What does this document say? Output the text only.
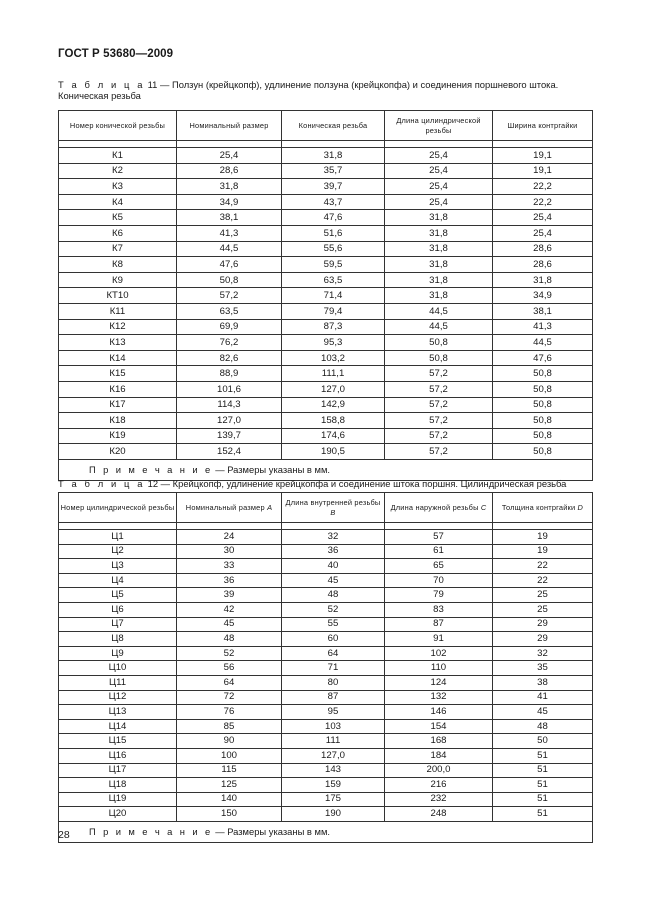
ГОСТ Р 53680—2009
Т а б л и ц а 11 — Ползун (крейцкопф), удлинение ползуна (крейцкопфа) и соединения поршневого штока. Коническая резьба
Номер конической резьбы	Номинальный размер	Коническая резьба	Длина цилиндрической резьбы	Ширина контргайки

К1	25,4	31,8	25,4	19,1
К2	28,6	35,7	25,4	19,1
К3	31,8	39,7	25,4	22,2
К4	34,9	43,7	25,4	22,2
К5	38,1	47,6	31,8	25,4
К6	41,3	51,6	31,8	25,4
К7	44,5	55,6	31,8	28,6
К8	47,6	59,5	31,8	28,6
К9	50,8	63,5	31,8	31,8
КТ10	57,2	71,4	31,8	34,9
К11	63,5	79,4	44,5	38,1
К12	69,9	87,3	44,5	41,3
К13	76,2	95,3	50,8	44,5
К14	82,6	103,2	50,8	47,6
К15	88,9	111,1	57,2	50,8
К16	101,6	127,0	57,2	50,8
К17	114,3	142,9	57,2	50,8
К18	127,0	158,8	57,2	50,8
К19	139,7	174,6	57,2	50,8
К20	152,4	190,5	57,2	50,8
П р и м е ч а н и е — Размеры указаны в мм.				
Т а б л и ц а 12 — Крейцкопф, удлинение крейцкопфа и соединение штока поршня. Цилиндрическая резьба
Номер цилиндрической резьбы	Номинальный размер A	Длина внутренней резьбы B	Длина наружной резьбы C	Толщина контргайки D

Ц1	24	32	57	19
Ц2	30	36	61	19
Ц3	33	40	65	22
Ц4	36	45	70	22
Ц5	39	48	79	25
Ц6	42	52	83	25
Ц7	45	55	87	29
Ц8	48	60	91	29
Ц9	52	64	102	32
Ц10	56	71	110	35
Ц11	64	80	124	38
Ц12	72	87	132	41
Ц13	76	95	146	45
Ц14	85	103	154	48
Ц15	90	111	168	50
Ц16	100	127,0	184	51
Ц17	115	143	200,0	51
Ц18	125	159	216	51
Ц19	140	175	232	51
Ц20	150	190	248	51
П р и м е ч а н и е — Размеры указаны в мм.				
28
